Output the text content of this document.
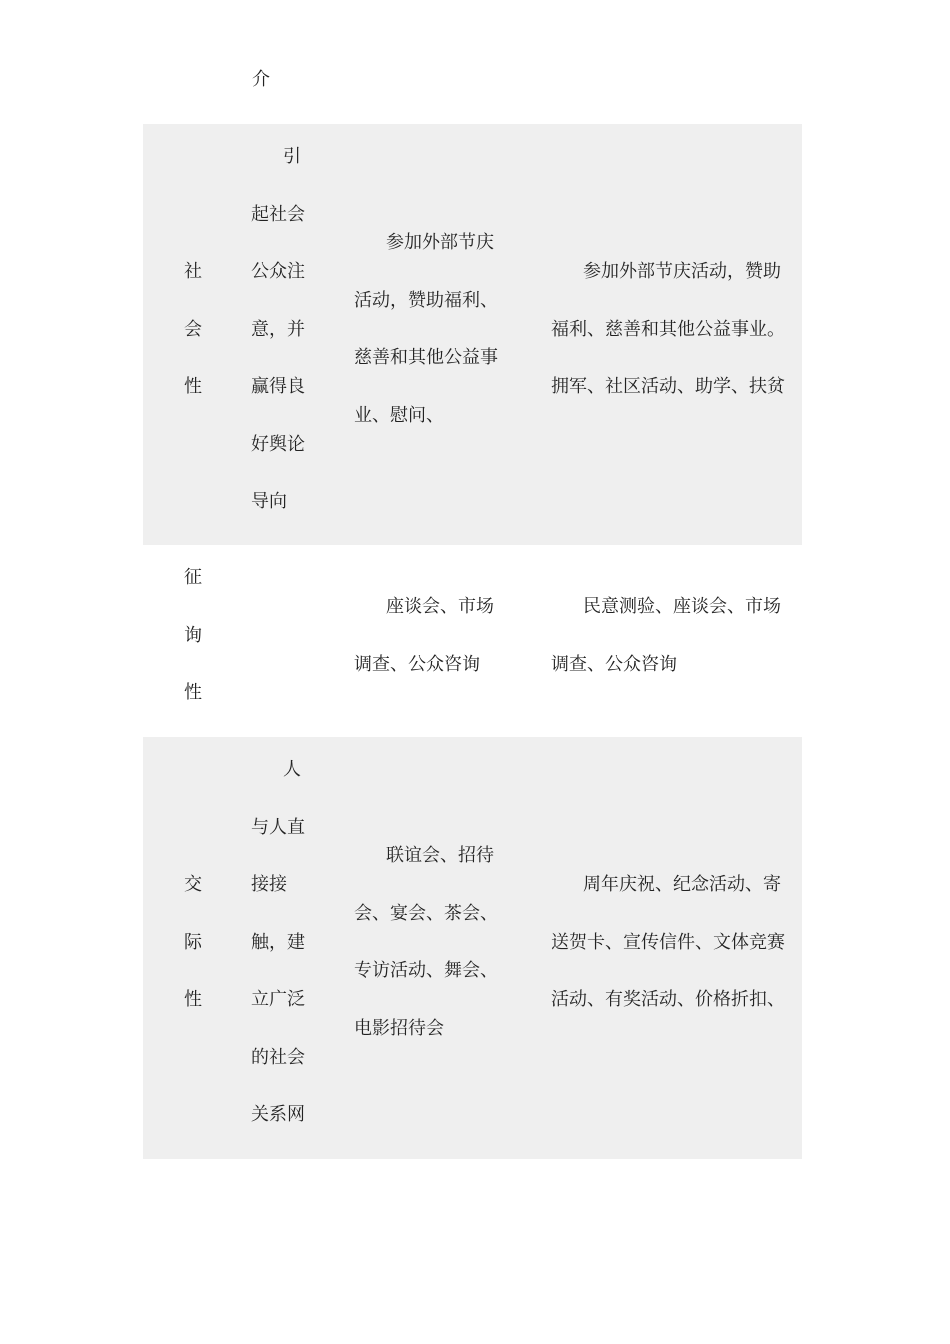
介
社
会
性
引
起社会
公众注
意，并
赢得良
好舆论
导向
参加外部节庆
活动，赞助福利、
慈善和其他公益事
业、慰问、
参加外部节庆活动，赞助
福利、慈善和其他公益事业。
拥军、社区活动、助学、扶贫
征
询
性
座谈会、市场
调查、公众咨询
民意测验、座谈会、市场
调查、公众咨询
交
际
性
人
与人直
接接
触，建
立广泛
的社会
关系网
联谊会、招待
会、宴会、茶会、
专访活动、舞会、
电影招待会
周年庆祝、纪念活动、寄
送贺卡、宣传信件、文体竞赛
活动、有奖活动、价格折扣、
